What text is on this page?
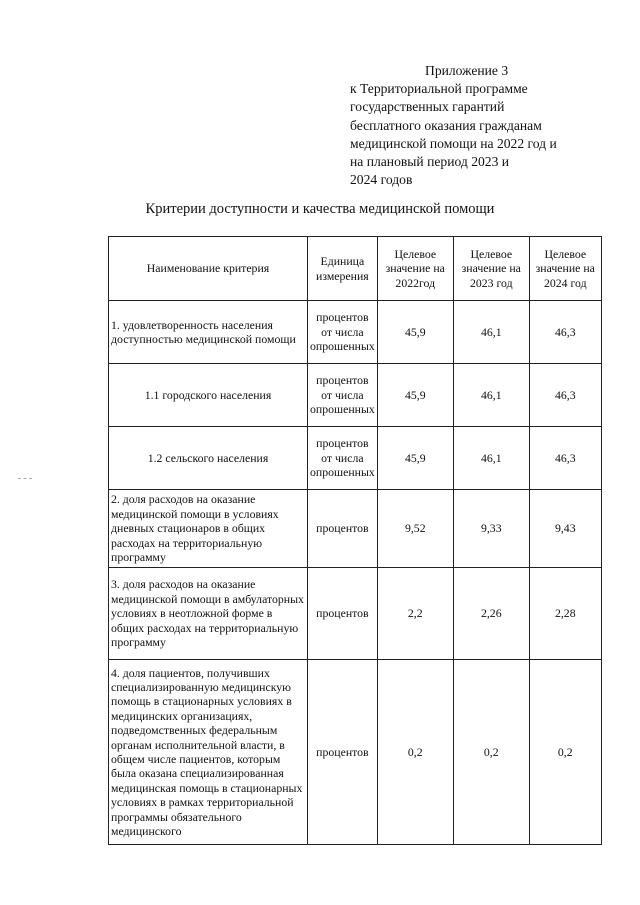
Приложение 3
к Территориальной программе
государственных гарантий
бесплатного оказания гражданам
медицинской помощи на 2022 год и
на плановый период 2023 и
2024 годов
Критерии доступности и качества медицинской помощи
Наименование критерия	Единица измерения	Целевое значение на 2022год	Целевое значение на 2023 год	Целевое значение на 2024 год
1. удовлетворенность населения доступностью медицинской помощи	процентов от числа опрошенных	45,9	46,1	46,3
1.1 городского населения	процентов от числа опрошенных	45,9	46,1	46,3
1.2 сельского населения	процентов от числа опрошенных	45,9	46,1	46,3
2. доля расходов на оказание медицинской помощи в условиях дневных стационаров в общих расходах на территориальную программу	процентов	9,52	9,33	9,43
3. доля расходов на оказание медицинской помощи в амбулаторных условиях в неотложной форме в общих расходах на территориальную программу	процентов	2,2	2,26	2,28
4. доля пациентов, получивших специализированную медицинскую помощь в стационарных условиях в медицинских организациях, подведомственных федеральным органам исполнительной власти, в общем числе пациентов, которым была оказана специализированная медицинская помощь в стационарных условиях в рамках территориальной программы обязательного медицинского	процентов	0,2	0,2	0,2
